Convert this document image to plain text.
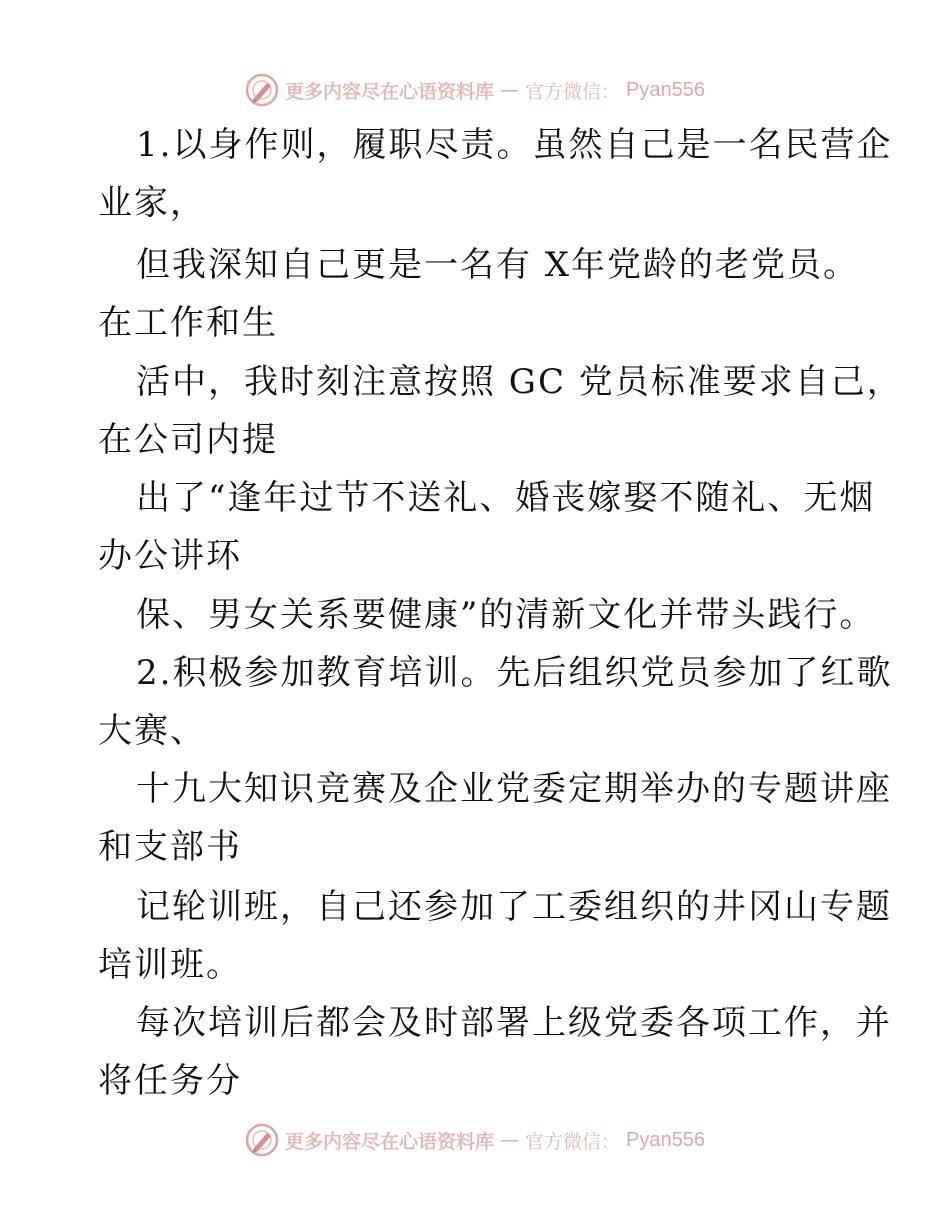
更多内容尽在心语资料库 — 官方微信： Pyan556
1.以身作则，履职尽责。虽然自己是一名民营企
业家，
但我深知自己更是一名有 X年党龄的老党员。
在工作和生
活中，我时刻注意按照 GC 党员标准要求自己，
在公司内提
出了“逢年过节不送礼、婚丧嫁娶不随礼、无烟
办公讲环
保、男女关系要健康”的清新文化并带头践行。
2.积极参加教育培训。先后组织党员参加了红歌
大赛、
十九大知识竞赛及企业党委定期举办的专题讲座
和支部书
记轮训班，自己还参加了工委组织的井冈山专题
培训班。
每次培训后都会及时部署上级党委各项工作，并
将任务分
更多内容尽在心语资料库 — 官方微信： Pyan556
